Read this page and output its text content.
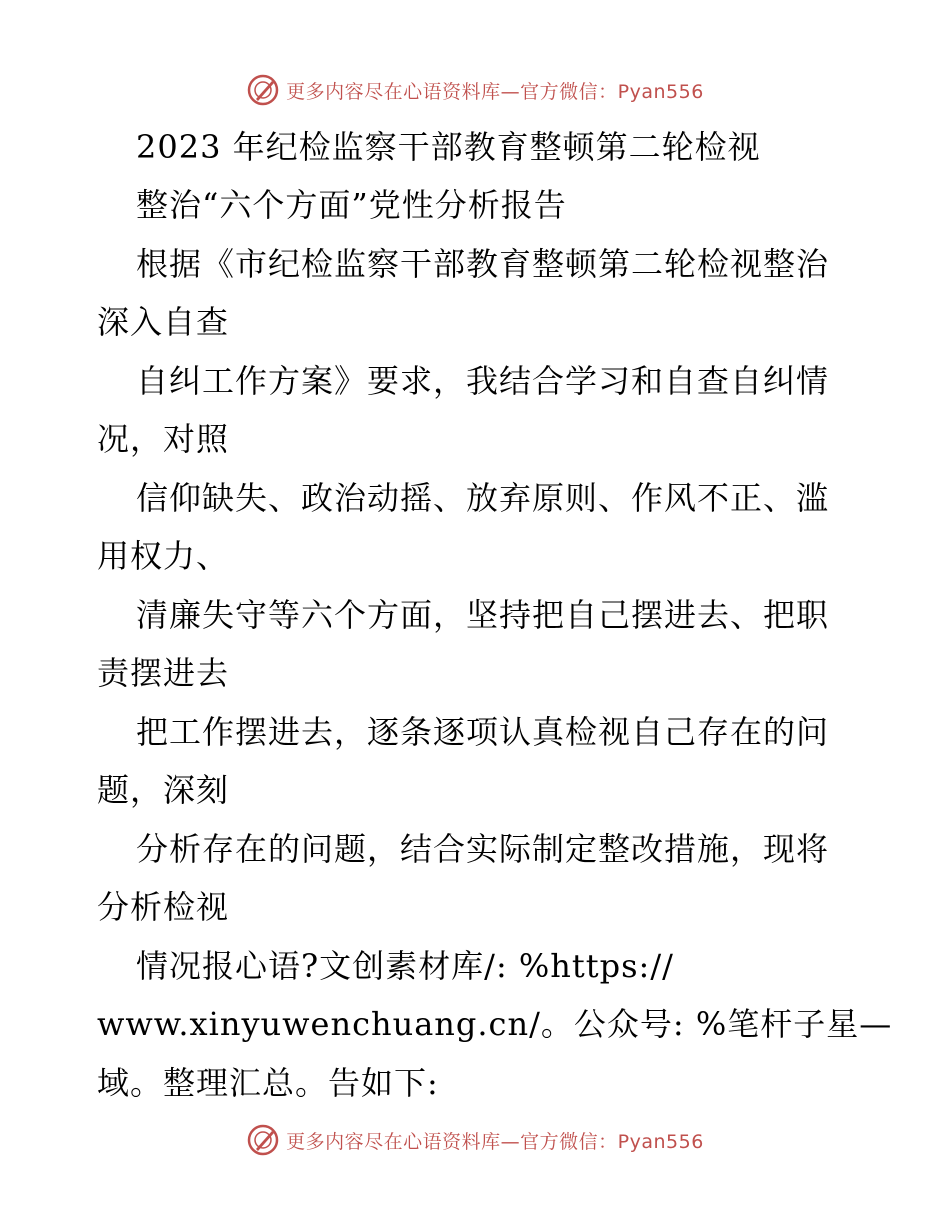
更多内容尽在心语资料库—官方微信：Pyan556
2023 年纪检监察干部教育整顿第二轮检视
整治“六个方面”党性分析报告
根据《市纪检监察干部教育整顿第二轮检视整治
深入自查
自纠工作方案》要求，我结合学习和自查自纠情
况，对照
信仰缺失、政治动摇、放弃原则、作风不正、滥
用权力、
清廉失守等六个方面，坚持把自己摆进去、把职
责摆进去
把工作摆进去，逐条逐项认真检视自己存在的问
题，深刻
分析存在的问题，结合实际制定整改措施，现将
分析检视
情况报心语?文创素材库/: %https://
www.xinyuwenchuang.cn/。公众号: %笔杆子星—
域。整理汇总。告如下:
更多内容尽在心语资料库—官方微信：Pyan556
